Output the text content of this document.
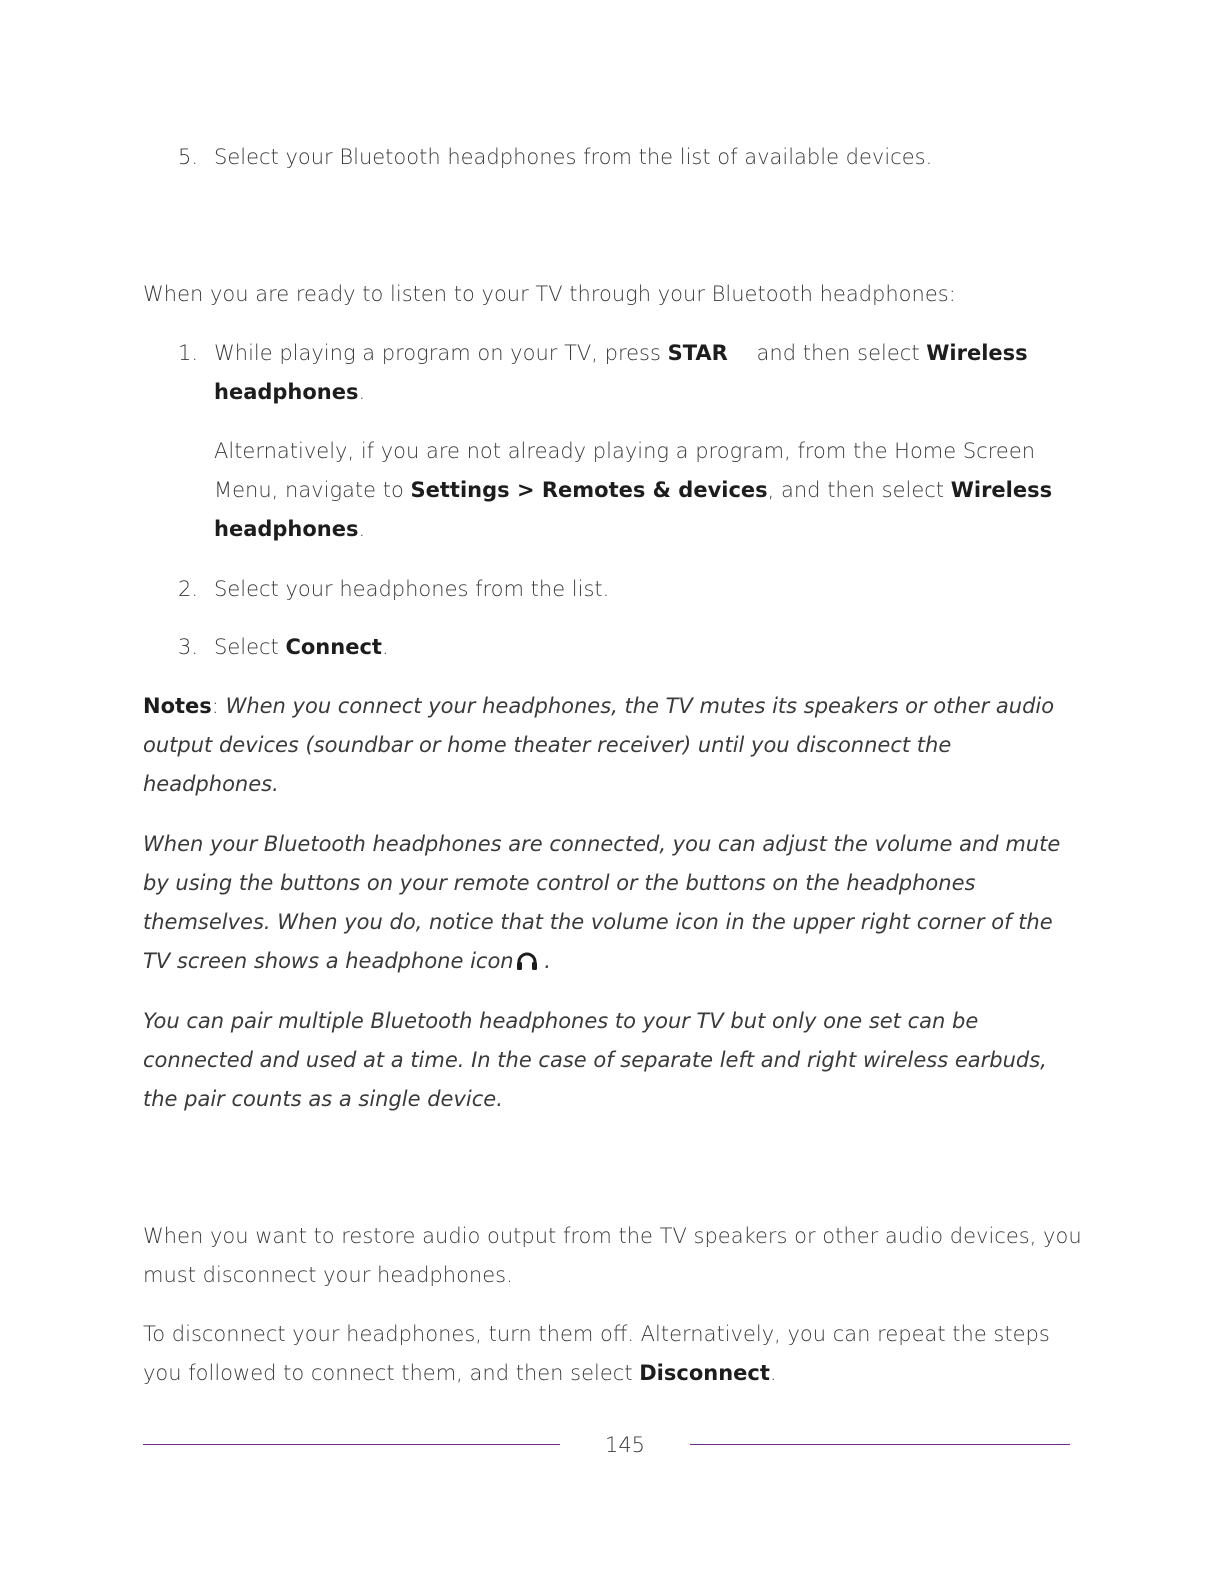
5. Select your Bluetooth headphones from the list of available devices.
When you are ready to listen to your TV through your Bluetooth headphones:
1. While playing a program on your TV, press STAR and then select Wireless headphones.
Alternatively, if you are not already playing a program, from the Home Screen Menu, navigate to Settings > Remotes & devices, and then select Wireless headphones.
2. Select your headphones from the list.
3. Select Connect.
Notes: When you connect your headphones, the TV mutes its speakers or other audio output devices (soundbar or home theater receiver) until you disconnect the headphones.
When your Bluetooth headphones are connected, you can adjust the volume and mute by using the buttons on your remote control or the buttons on the headphones themselves. When you do, notice that the volume icon in the upper right corner of the TV screen shows a headphone icon .
You can pair multiple Bluetooth headphones to your TV but only one set can be connected and used at a time. In the case of separate left and right wireless earbuds, the pair counts as a single device.
When you want to restore audio output from the TV speakers or other audio devices, you must disconnect your headphones.
To disconnect your headphones, turn them off. Alternatively, you can repeat the steps you followed to connect them, and then select Disconnect.
145
